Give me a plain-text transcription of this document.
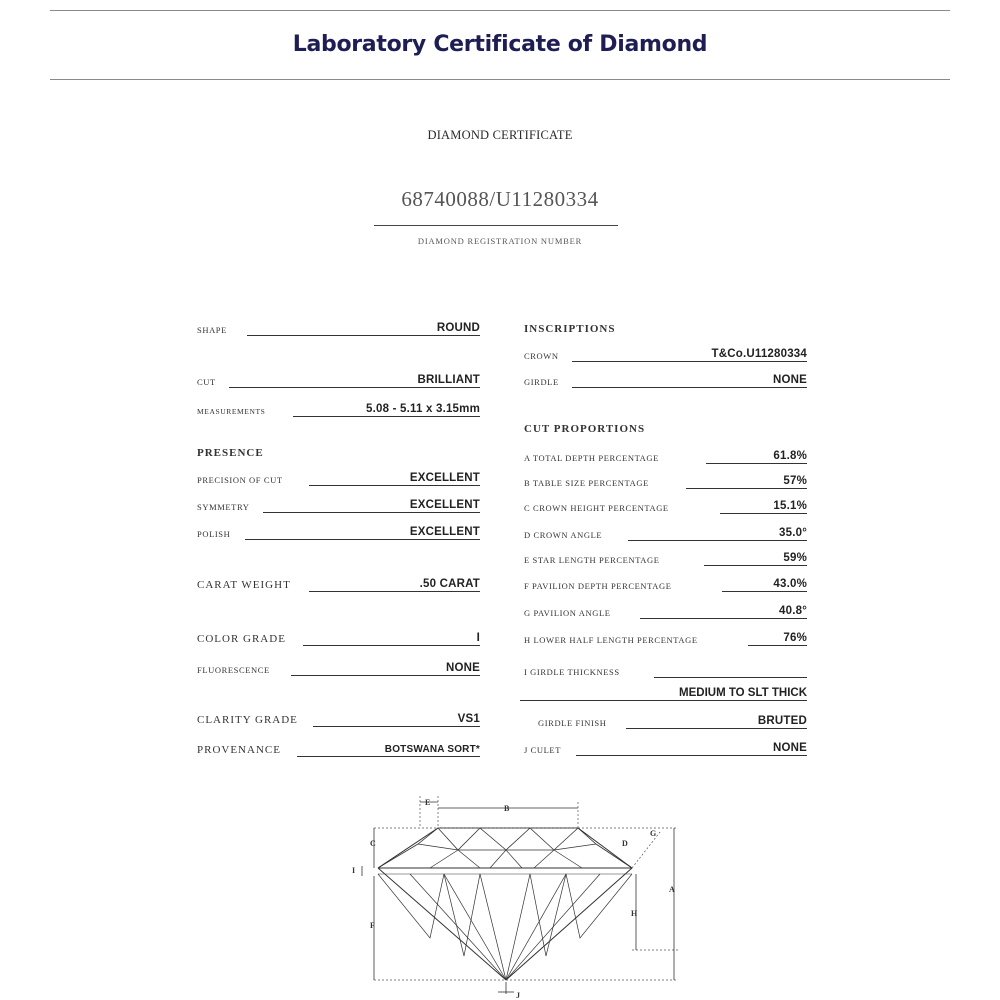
Laboratory Certificate of Diamond
DIAMOND CERTIFICATE
68740088/U11280334
DIAMOND REGISTRATION NUMBER
SHAPE	ROUND
CUT	BRILLIANT
MEASUREMENTS	5.08 - 5.11 x 3.15mm
PRESENCE
PRECISION OF CUT	EXCELLENT
SYMMETRY	EXCELLENT
POLISH	EXCELLENT
CARAT WEIGHT	.50 CARAT
COLOR GRADE	I
FLUORESCENCE	NONE
CLARITY GRADE	VS1
PROVENANCE	BOTSWANA SORT*
INSCRIPTIONS
CROWN	T&Co.U11280334
GIRDLE	NONE
CUT PROPORTIONS
A TOTAL DEPTH PERCENTAGE	61.8%
B TABLE SIZE PERCENTAGE	57%
C CROWN HEIGHT PERCENTAGE	15.1%
D CROWN ANGLE	35.0°
E STAR LENGTH PERCENTAGE	59%
F PAVILION DEPTH PERCENTAGE	43.0%
G PAVILION ANGLE	40.8°
H LOWER HALF LENGTH PERCENTAGE	76%
I GIRDLE THICKNESS
MEDIUM TO SLT THICK
GIRDLE FINISH	BRUTED
J CULET	NONE
E
B
C
I
F
D
G
A
H
J
